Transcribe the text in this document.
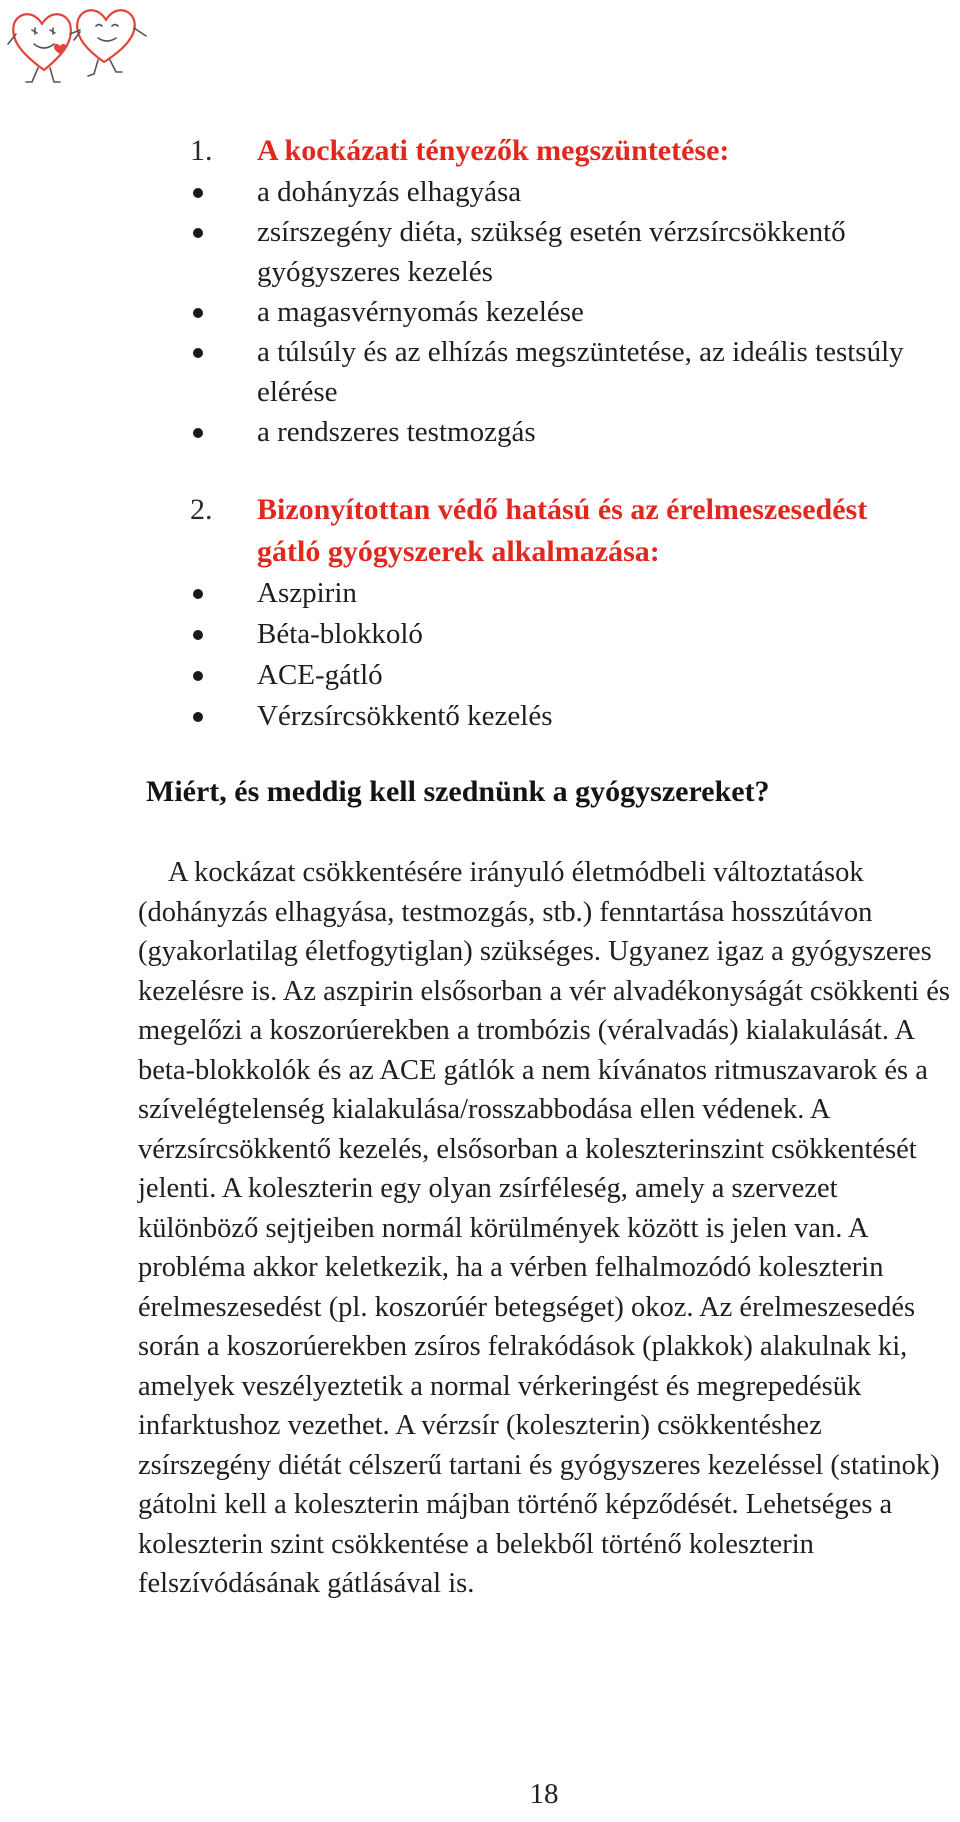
1.	A kockázati tényezők megszüntetése:
a dohányzás elhagyása
zsírszegény diéta, szükség esetén vérzsírcsökkentő gyógyszeres kezelés
a magasvérnyomás kezelése
a túlsúly és az elhízás megszüntetése, az ideális testsúly elérése
a rendszeres testmozgás
2.	Bizonyítottan védő hatású és az érelmeszesedést gátló gyógyszerek alkalmazása:
Aszpirin
Béta-blokkoló
ACE-gátló
Vérzsírcsökkentő kezelés
Miért, és meddig kell szednünk a gyógyszereket?

A kockázat csökkentésére irányuló életmódbeli változtatások (dohányzás elhagyása, testmozgás, stb.) fenntartása hosszútávon (gyakorlatilag életfogytiglan) szükséges. Ugyanez igaz a gyógyszeres kezelésre is. Az aszpirin elsősorban a vér alvadékonyságát csökkenti és megelőzi a koszorúerekben a trombózis (véralvadás) kialakulását. A beta-blokkolók és az ACE gátlók a nem kívánatos ritmuszavarok és a szívelégtelenség kialakulása/rosszabbodása ellen védenek. A vérzsírcsökkentő kezelés, elsősorban a koleszterinszint csökkentését jelenti. A koleszterin egy olyan zsírféleség, amely a szervezet különböző sejtjeiben normál körülmények között is jelen van. A probléma akkor keletkezik, ha a vérben felhalmozódó koleszterin érelmeszesedést (pl. koszorúér betegséget) okoz. Az érelmeszesedés során a koszorúerekben zsíros felrakódások (plakkok) alakulnak ki, amelyek veszélyeztetik a normal vérkeringést és megrepedésük infarktushoz vezethet. A vérzsír (koleszterin) csökkentéshez zsírszegény diétát célszerű tartani és gyógyszeres kezeléssel (statinok) gátolni kell a koleszterin májban történő képződését. Lehetséges a koleszterin szint csökkentése a belekből történő koleszterin felszívódásának gátlásával is.

18
